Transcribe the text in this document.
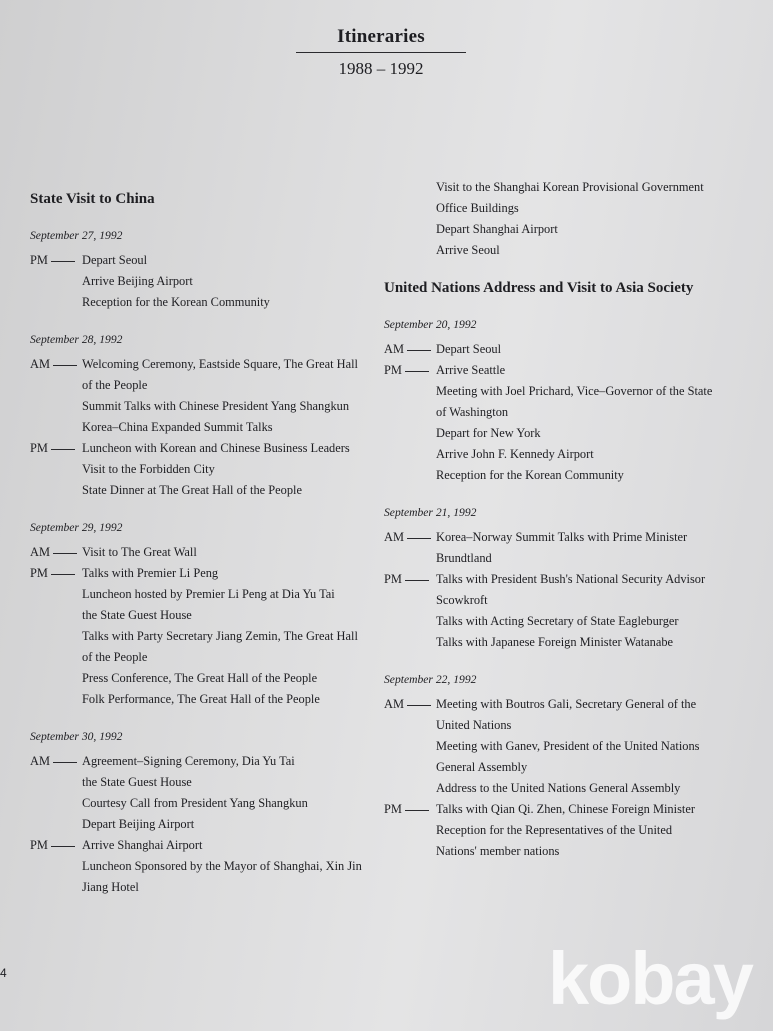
Itineraries
1988 – 1992
State Visit to China
September 27, 1992
PM	Depart Seoul
Arrive Beijing Airport
Reception for the Korean Community
September 28, 1992
AM	Welcoming Ceremony, Eastside Square, The Great Hall
of the People
Summit Talks with Chinese President Yang Shangkun
Korea–China Expanded Summit Talks
PM	Luncheon with Korean and Chinese Business Leaders
Visit to the Forbidden City
State Dinner at The Great Hall of the People
September 29, 1992
AM	Visit to The Great Wall
PM	Talks with Premier Li Peng
Luncheon hosted by Premier Li Peng at Dia Yu Tai
the State Guest House
Talks with Party Secretary Jiang Zemin, The Great Hall
of the People
Press Conference, The Great Hall of the People
Folk Performance, The Great Hall of the People
September 30, 1992
AM	Agreement–Signing Ceremony, Dia Yu Tai
the State Guest House
Courtesy Call from President Yang Shangkun
Depart Beijing Airport
PM	Arrive Shanghai Airport
Luncheon Sponsored by the Mayor of Shanghai, Xin Jin
Jiang Hotel
Visit to the Shanghai Korean Provisional Government
Office Buildings
Depart Shanghai Airport
Arrive Seoul
United Nations Address and Visit to Asia Society
September 20, 1992
AM	Depart Seoul
PM	Arrive Seattle
Meeting with Joel Prichard, Vice–Governor of the State
of Washington
Depart for New York
Arrive John F. Kennedy Airport
Reception for the Korean Community
September 21, 1992
AM	Korea–Norway Summit Talks with Prime Minister
Brundtland
PM	Talks with President Bush's National Security Advisor
Scowkroft
Talks with Acting Secretary of State Eagleburger
Talks with Japanese Foreign Minister Watanabe
September 22, 1992
AM	Meeting with Boutros Gali, Secretary General of the
United Nations
Meeting with Ganev, President of the United Nations
General Assembly
Address to the United Nations General Assembly
PM	Talks with Qian Qi. Zhen, Chinese Foreign Minister
Reception for the Representatives of the United
Nations' member nations
4	kobay
